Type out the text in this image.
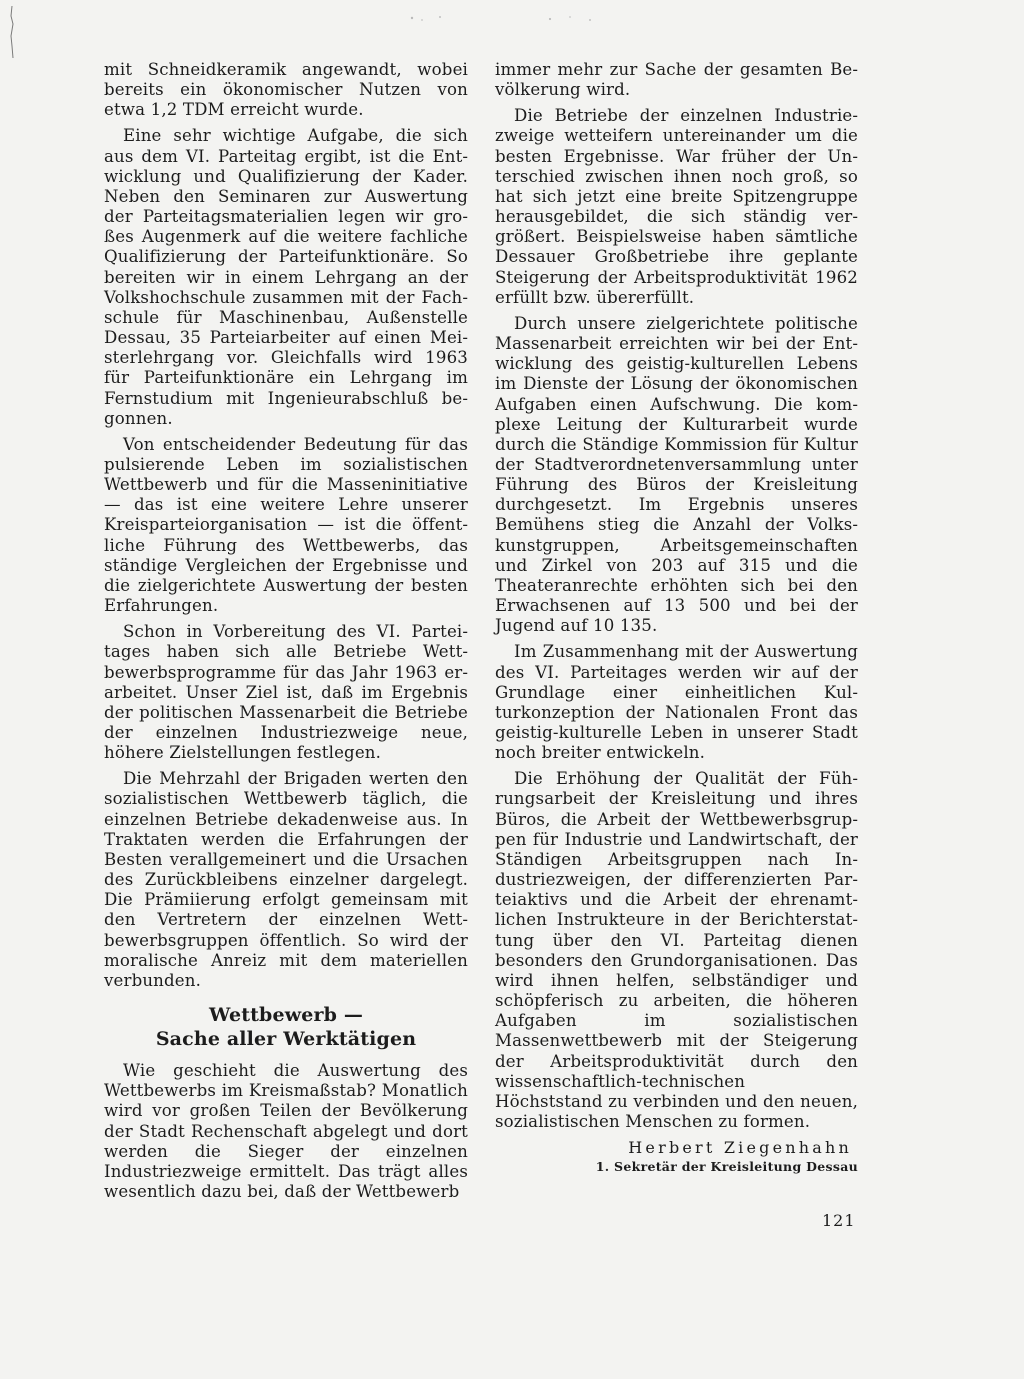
mit Schneidkeramik angewandt, wobei bereits ein ökonomischer Nutzen von etwa 1,2 TDM erreicht wurde.

Eine sehr wichtige Aufgabe, die sich aus dem VI. Parteitag ergibt, ist die Entwicklung und Qualifizierung der Kader. Neben den Seminaren zur Auswertung der Parteitagsmaterialien legen wir großes Augenmerk auf die weitere fachliche Qualifizierung der Parteifunktionäre. So bereiten wir in einem Lehrgang an der Volkshochschule zusammen mit der Fachschule für Maschinenbau, Außenstelle Dessau, 35 Parteiarbeiter auf einen Meisterlehrgang vor. Gleichfalls wird 1963 für Parteifunktionäre ein Lehrgang im Fernstudium mit Ingenieurabschluß begonnen.

Von entscheidender Bedeutung für das pulsierende Leben im sozialistischen Wettbewerb und für die Masseninitiative — das ist eine weitere Lehre unserer Kreisparteiorganisation — ist die öffentliche Führung des Wettbewerbs, das ständige Vergleichen der Ergebnisse und die zielgerichtete Auswertung der besten Erfahrungen.

Schon in Vorbereitung des VI. Parteitages haben sich alle Betriebe Wettbewerbsprogramme für das Jahr 1963 erarbeitet. Unser Ziel ist, daß im Ergebnis der politischen Massenarbeit die Betriebe der einzelnen Industriezweige neue, höhere Zielstellungen festlegen.

Die Mehrzahl der Brigaden werten den sozialistischen Wettbewerb täglich, die einzelnen Betriebe dekadenweise aus. In Traktaten werden die Erfahrungen der Besten verallgemeinert und die Ursachen des Zurückbleibens einzelner dargelegt. Die Prämiierung erfolgt gemeinsam mit den Vertretern der einzelnen Wettbewerbsgruppen öffentlich. So wird der moralische Anreiz mit dem materiellen verbunden.

Wettbewerb —
Sache aller Werktätigen

Wie geschieht die Auswertung des Wettbewerbs im Kreismaßstab? Monatlich wird vor großen Teilen der Bevölkerung der Stadt Rechenschaft abgelegt und dort werden die Sieger der einzelnen Industriezweige ermittelt. Das trägt alles wesentlich dazu bei, daß der Wettbewerb

immer mehr zur Sache der gesamten Bevölkerung wird.

Die Betriebe der einzelnen Industriezweige wetteifern untereinander um die besten Ergebnisse. War früher der Unterschied zwischen ihnen noch groß, so hat sich jetzt eine breite Spitzengruppe herausgebildet, die sich ständig vergrößert. Beispielsweise haben sämtliche Dessauer Großbetriebe ihre geplante Steigerung der Arbeitsproduktivität 1962 erfüllt bzw. übererfüllt.

Durch unsere zielgerichtete politische Massenarbeit erreichten wir bei der Entwicklung des geistig-kulturellen Lebens im Dienste der Lösung der ökonomischen Aufgaben einen Aufschwung. Die komplexe Leitung der Kulturarbeit wurde durch die Ständige Kommission für Kultur der Stadtverordnetenversammlung unter Führung des Büros der Kreisleitung durchgesetzt. Im Ergebnis unseres Bemühens stieg die Anzahl der Volkskunstgruppen, Arbeitsgemeinschaften und Zirkel von 203 auf 315 und die Theateranrechte erhöhten sich bei den Erwachsenen auf 13 500 und bei der Jugend auf 10 135.

Im Zusammenhang mit der Auswertung des VI. Parteitages werden wir auf der Grundlage einer einheitlichen Kulturkonzeption der Nationalen Front das geistig-kulturelle Leben in unserer Stadt noch breiter entwickeln.

Die Erhöhung der Qualität der Führungsarbeit der Kreisleitung und ihres Büros, die Arbeit der Wettbewerbsgruppen für Industrie und Landwirtschaft, der Ständigen Arbeitsgruppen nach Industriezweigen, der differenzierten Parteiaktivs und die Arbeit der ehrenamtlichen Instrukteure in der Berichterstattung über den VI. Parteitag dienen besonders den Grundorganisationen. Das wird ihnen helfen, selbständiger und schöpferisch zu arbeiten, die höheren Aufgaben im sozialistischen Massenwettbewerb mit der Steigerung der Arbeitsproduktivität durch den wissenschaftlich-technischen Höchststand zu verbinden und den neuen, sozialistischen Menschen zu formen.

Herbert Ziegenhahn
1. Sekretär der Kreisleitung Dessau
121
